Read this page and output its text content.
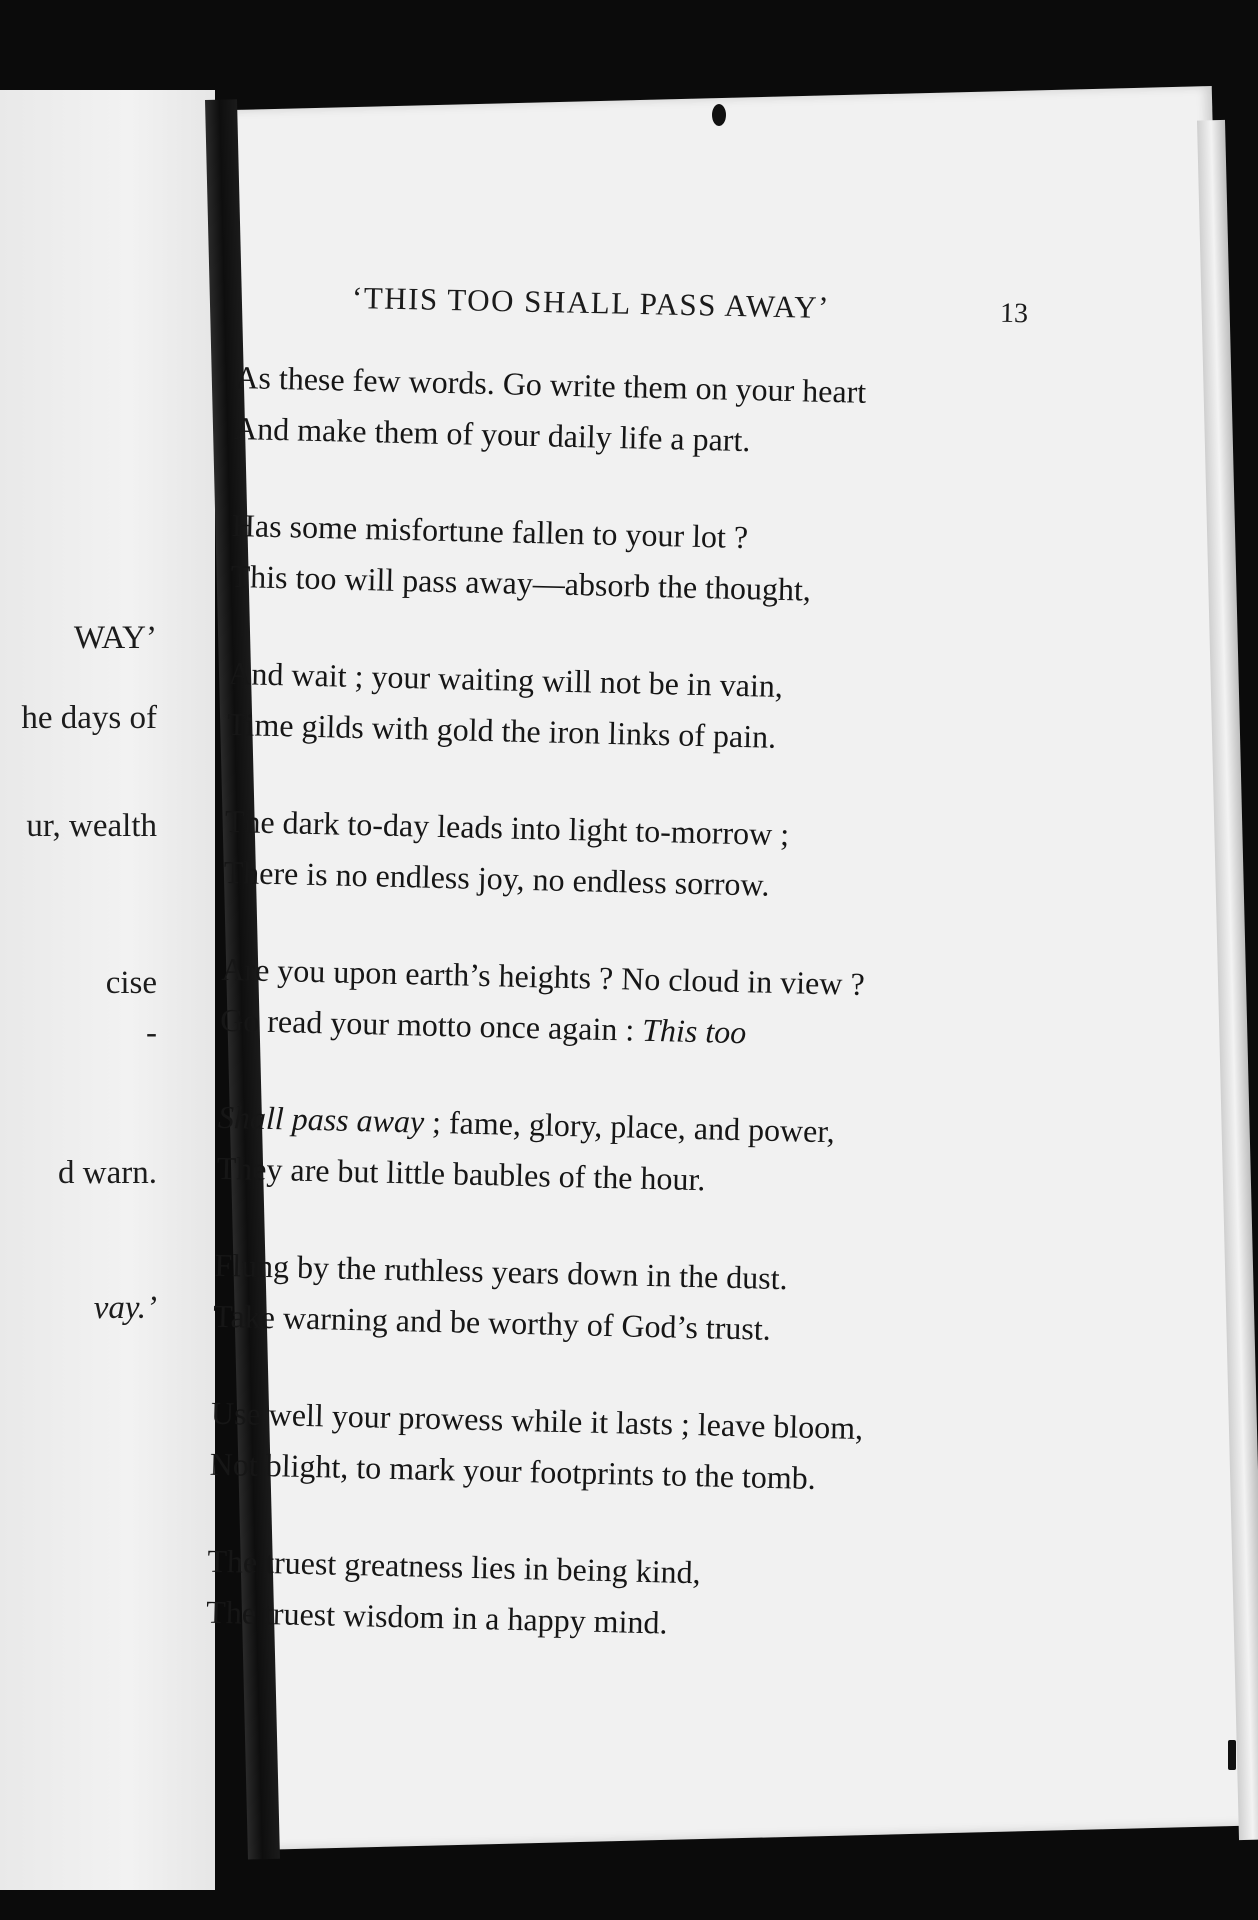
WAY’
he days of
ur, wealth
cise
-
d warn.
vay.’
‘THIS TOO SHALL PASS AWAY’	13
As these few words. Go write them on your heart
And make them of your daily life a part.
Has some misfortune fallen to your lot ?
This too will pass away—absorb the thought,
And wait ; your waiting will not be in vain,
Time gilds with gold the iron links of pain.
The dark to-day leads into light to-morrow ;
There is no endless joy, no endless sorrow.
Are you upon earth’s heights ? No cloud in view ?
Go read your motto once again : This too
Shall pass away ; fame, glory, place, and power,
They are but little baubles of the hour.
Flung by the ruthless years down in the dust.
Take warning and be worthy of God’s trust.
Use well your prowess while it lasts ; leave bloom,
Not blight, to mark your footprints to the tomb.
The truest greatness lies in being kind,
The truest wisdom in a happy mind.
